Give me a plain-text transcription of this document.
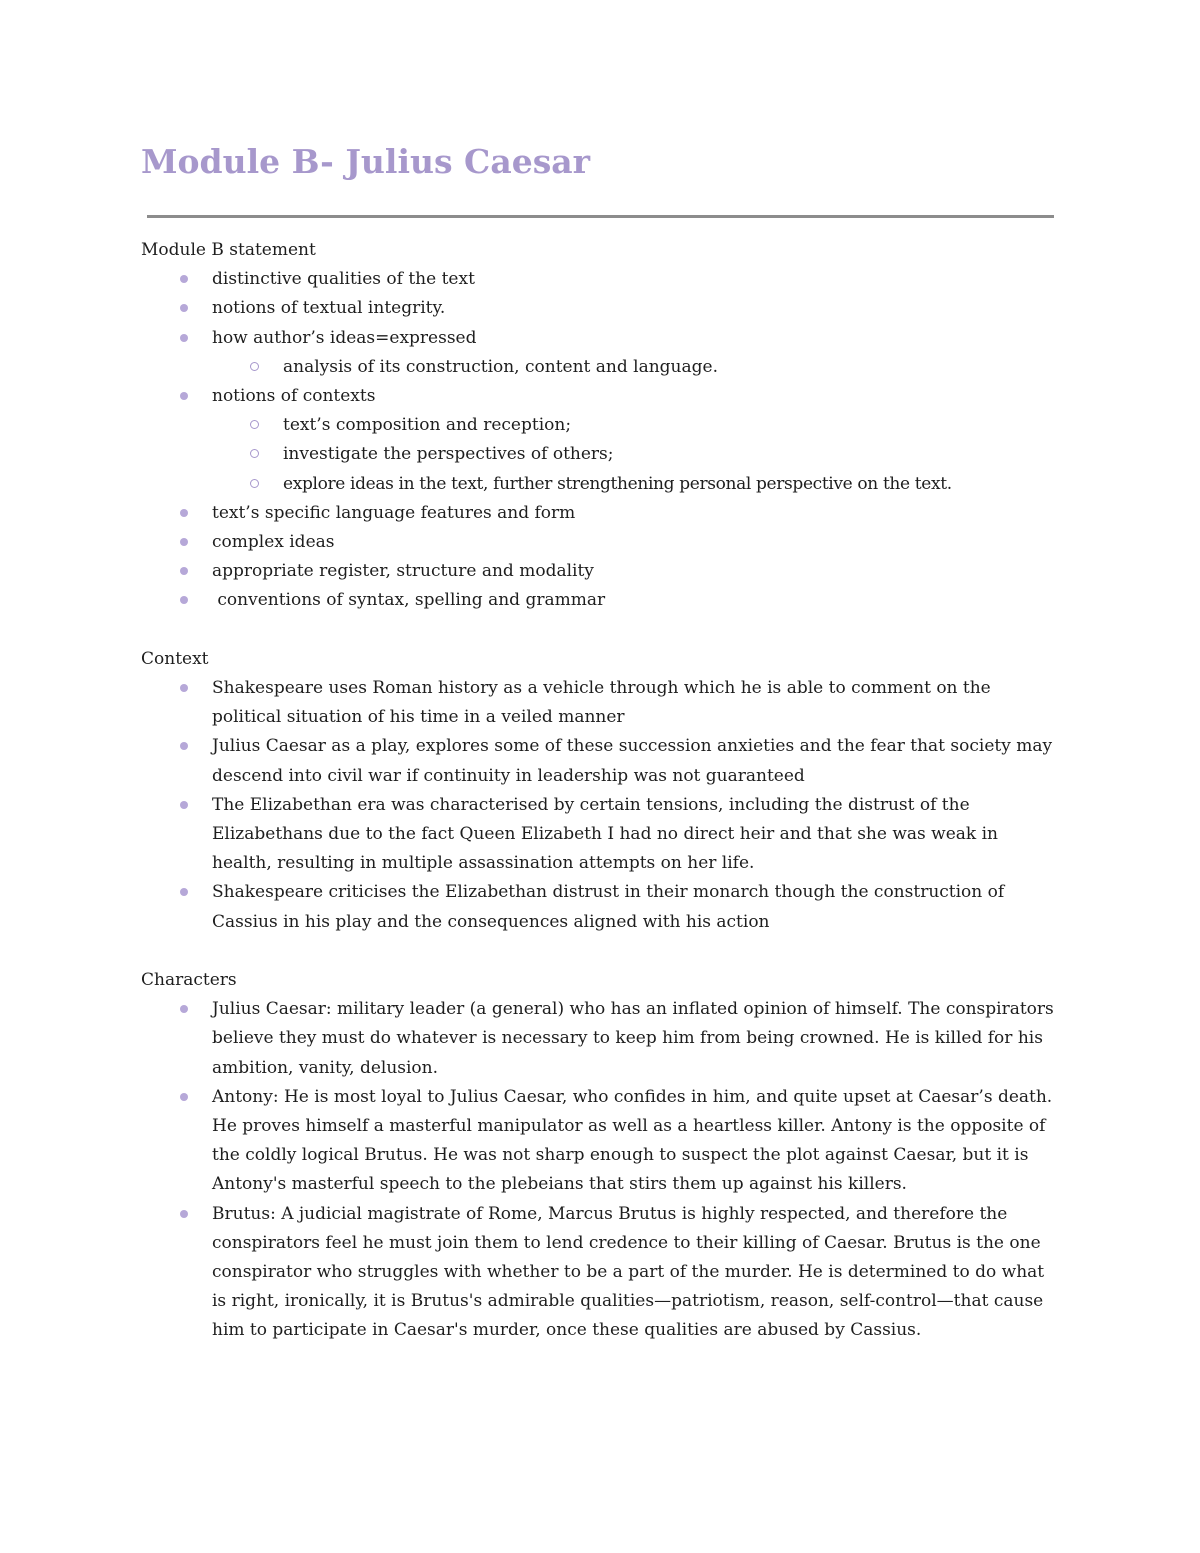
Module B- Julius Caesar

Module B statement

distinctive qualities of the text
notions of textual integrity.
how author’s ideas=expressed
analysis of its construction, content and language.
notions of contexts
text’s composition and reception;
investigate the perspectives of others;
explore ideas in the text, further strengthening personal perspective on the text.
text’s specific language features and form
complex ideas
appropriate register, structure and modality
conventions of syntax, spelling and grammar

Context

Shakespeare uses Roman history as a vehicle through which he is able to comment on the political situation of his time in a veiled manner
Julius Caesar as a play, explores some of these succession anxieties and the fear that society may descend into civil war if continuity in leadership was not guaranteed
The Elizabethan era was characterised by certain tensions, including the distrust of the Elizabethans due to the fact Queen Elizabeth I had no direct heir and that she was weak in health, resulting in multiple assassination attempts on her life.
Shakespeare criticises the Elizabethan distrust in their monarch though the construction of Cassius in his play and the consequences aligned with his action

Characters

Julius Caesar: military leader (a general) who has an inflated opinion of himself. The conspirators believe they must do whatever is necessary to keep him from being crowned. He is killed for his ambition, vanity, delusion.
Antony: He is most loyal to Julius Caesar, who confides in him, and quite upset at Caesar’s death. He proves himself a masterful manipulator as well as a heartless killer. Antony is the opposite of the coldly logical Brutus. He was not sharp enough to suspect the plot against Caesar, but it is Antony's masterful speech to the plebeians that stirs them up against his killers.
Brutus: A judicial magistrate of Rome, Marcus Brutus is highly respected, and therefore the conspirators feel he must join them to lend credence to their killing of Caesar. Brutus is the one conspirator who struggles with whether to be a part of the murder. He is determined to do what is right, ironically, it is Brutus's admirable qualities—patriotism, reason, self-control—that cause him to participate in Caesar's murder, once these qualities are abused by Cassius.
